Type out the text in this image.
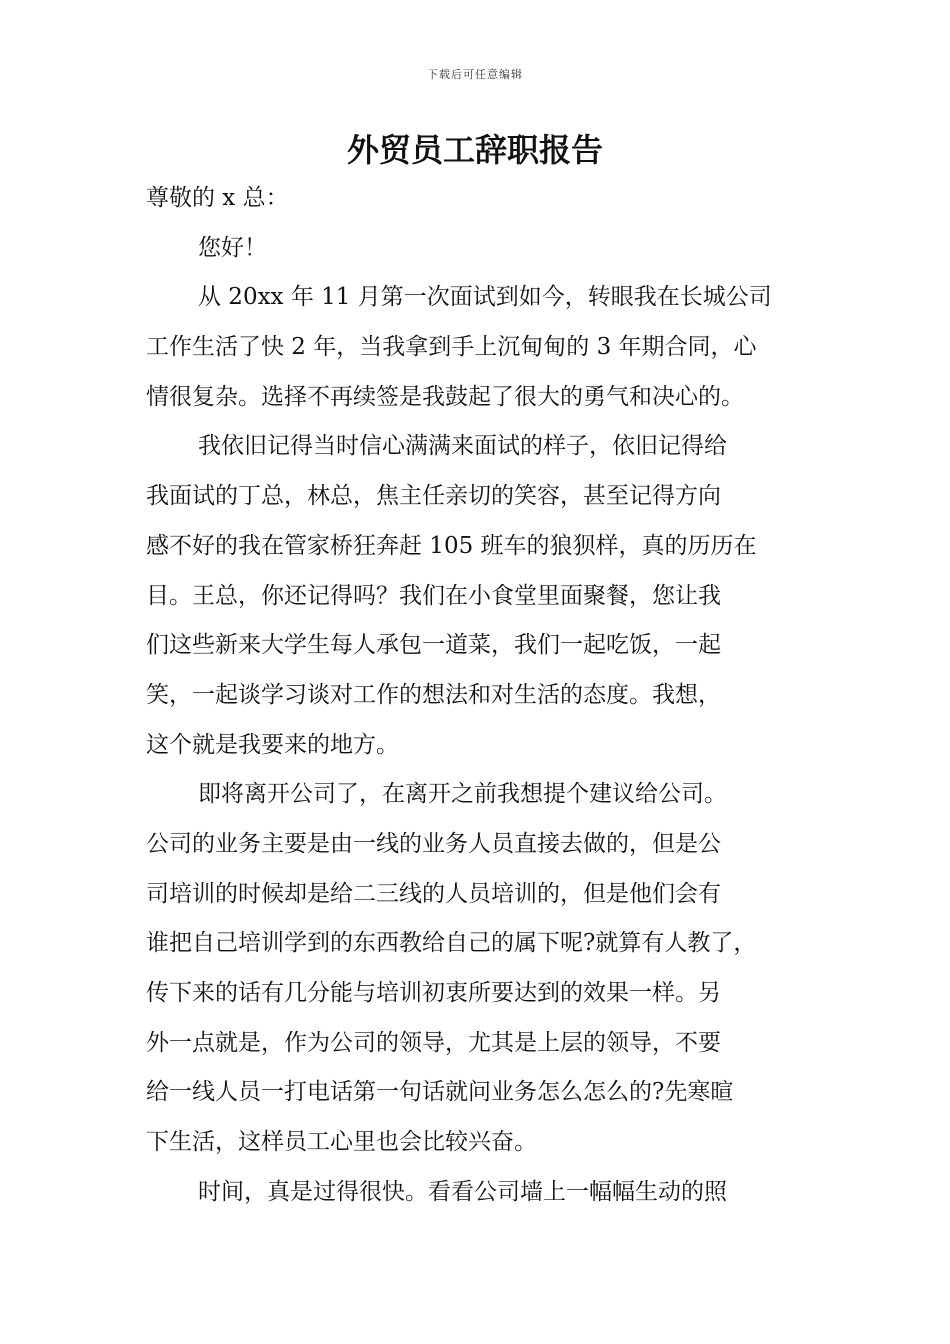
下载后可任意编辑
外贸员工辞职报告
尊敬的 x 总：
您好！
从 20xx 年 11 月第一次面试到如今，转眼我在长城公司
工作生活了快 2 年，当我拿到手上沉甸甸的 3 年期合同，心
情很复杂。选择不再续签是我鼓起了很大的勇气和决心的。
我依旧记得当时信心满满来面试的样子，依旧记得给
我面试的丁总，林总，焦主任亲切的笑容，甚至记得方向
感不好的我在管家桥狂奔赶 105 班车的狼狈样，真的历历在
目。王总，你还记得吗？我们在小食堂里面聚餐，您让我
们这些新来大学生每人承包一道菜，我们一起吃饭，一起
笑，一起谈学习谈对工作的想法和对生活的态度。我想，
这个就是我要来的地方。
即将离开公司了，在离开之前我想提个建议给公司。
公司的业务主要是由一线的业务人员直接去做的，但是公
司培训的时候却是给二三线的人员培训的，但是他们会有
谁把自己培训学到的东西教给自己的属下呢?就算有人教了，
传下来的话有几分能与培训初衷所要达到的效果一样。另
外一点就是，作为公司的领导，尤其是上层的领导，不要
给一线人员一打电话第一句话就问业务怎么怎么的?先寒暄
下生活，这样员工心里也会比较兴奋。
时间，真是过得很快。看看公司墙上一幅幅生动的照
